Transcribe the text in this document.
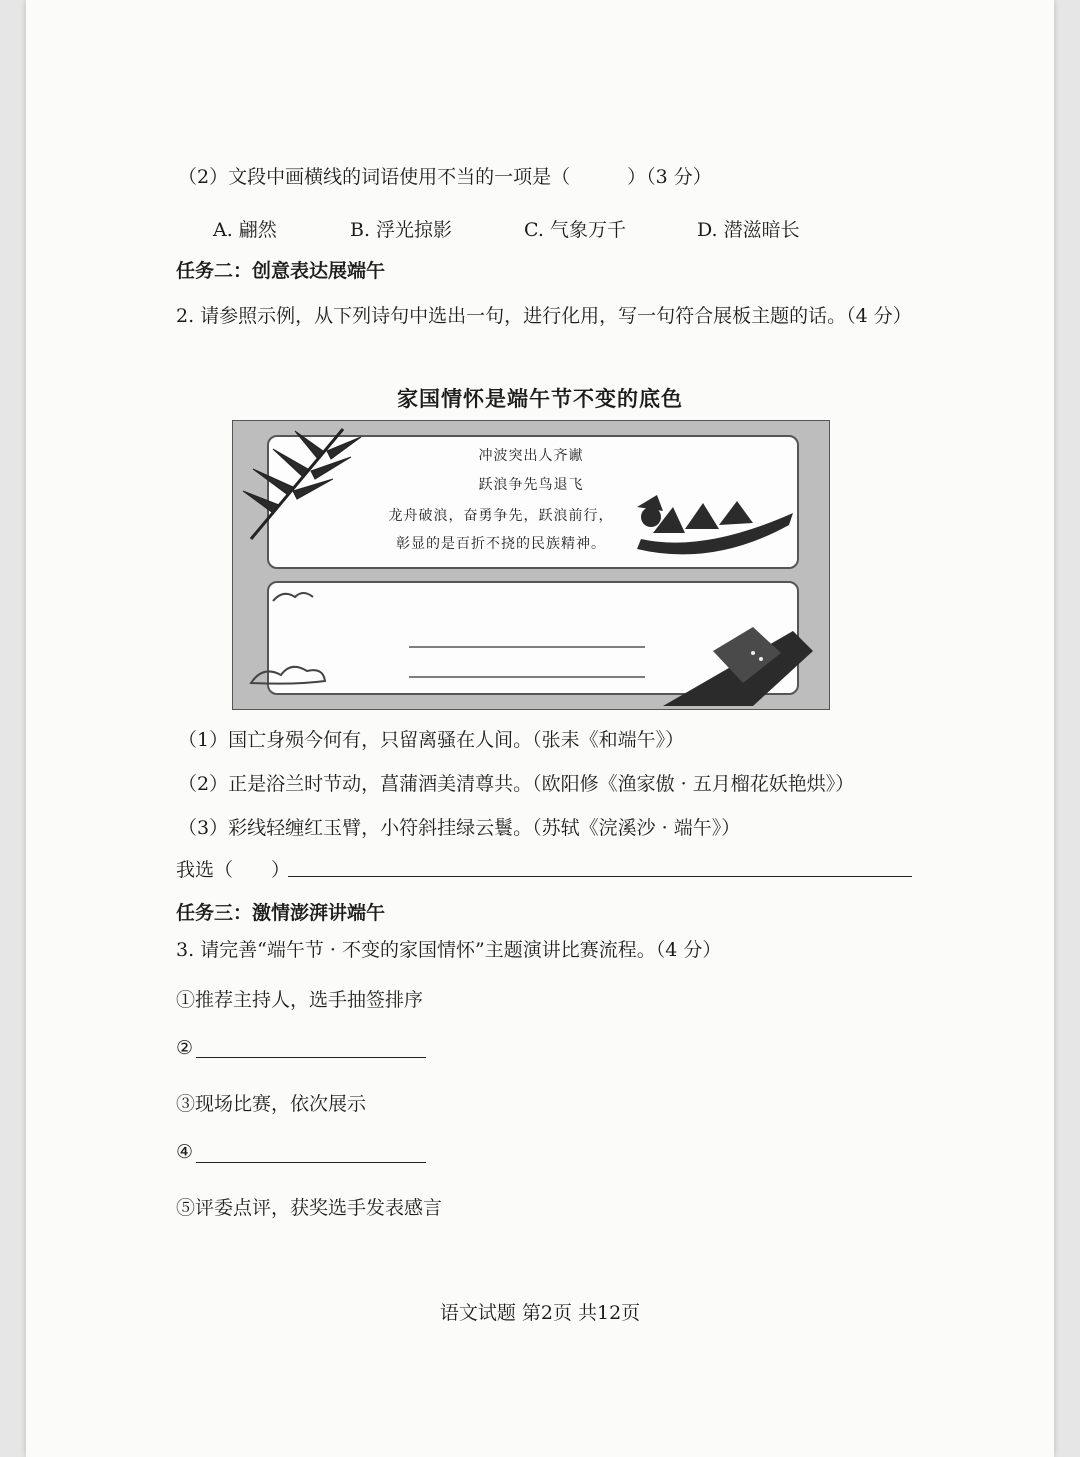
（2）文段中画横线的词语使用不当的一项是（　　　）（3 分）
A. 翩然	B. 浮光掠影	C. 气象万千	D. 潜滋暗长
任务二：创意表达展端午
2. 请参照示例，从下列诗句中选出一句，进行化用，写一句符合展板主题的话。（4 分）
家国情怀是端午节不变的底色
冲波突出人齐谳
跃浪争先鸟退飞
龙舟破浪，奋勇争先，跃浪前行，
彰显的是百折不挠的民族精神。
（1）国亡身殒今何有，只留离骚在人间。（张耒《和端午》）
（2）正是浴兰时节动，菖蒲酒美清尊共。（欧阳修《渔家傲 · 五月榴花妖艳烘》）
（3）彩线轻缠红玉臂，小符斜挂绿云鬟。（苏轼《浣溪沙 · 端午》）
我选（　　）
任务三：激情澎湃讲端午
3. 请完善“端午节 · 不变的家国情怀”主题演讲比赛流程。（4 分）
①推荐主持人，选手抽签排序
②
③现场比赛，依次展示
④
⑤评委点评，获奖选手发表感言
语文试题 第2页 共12页
